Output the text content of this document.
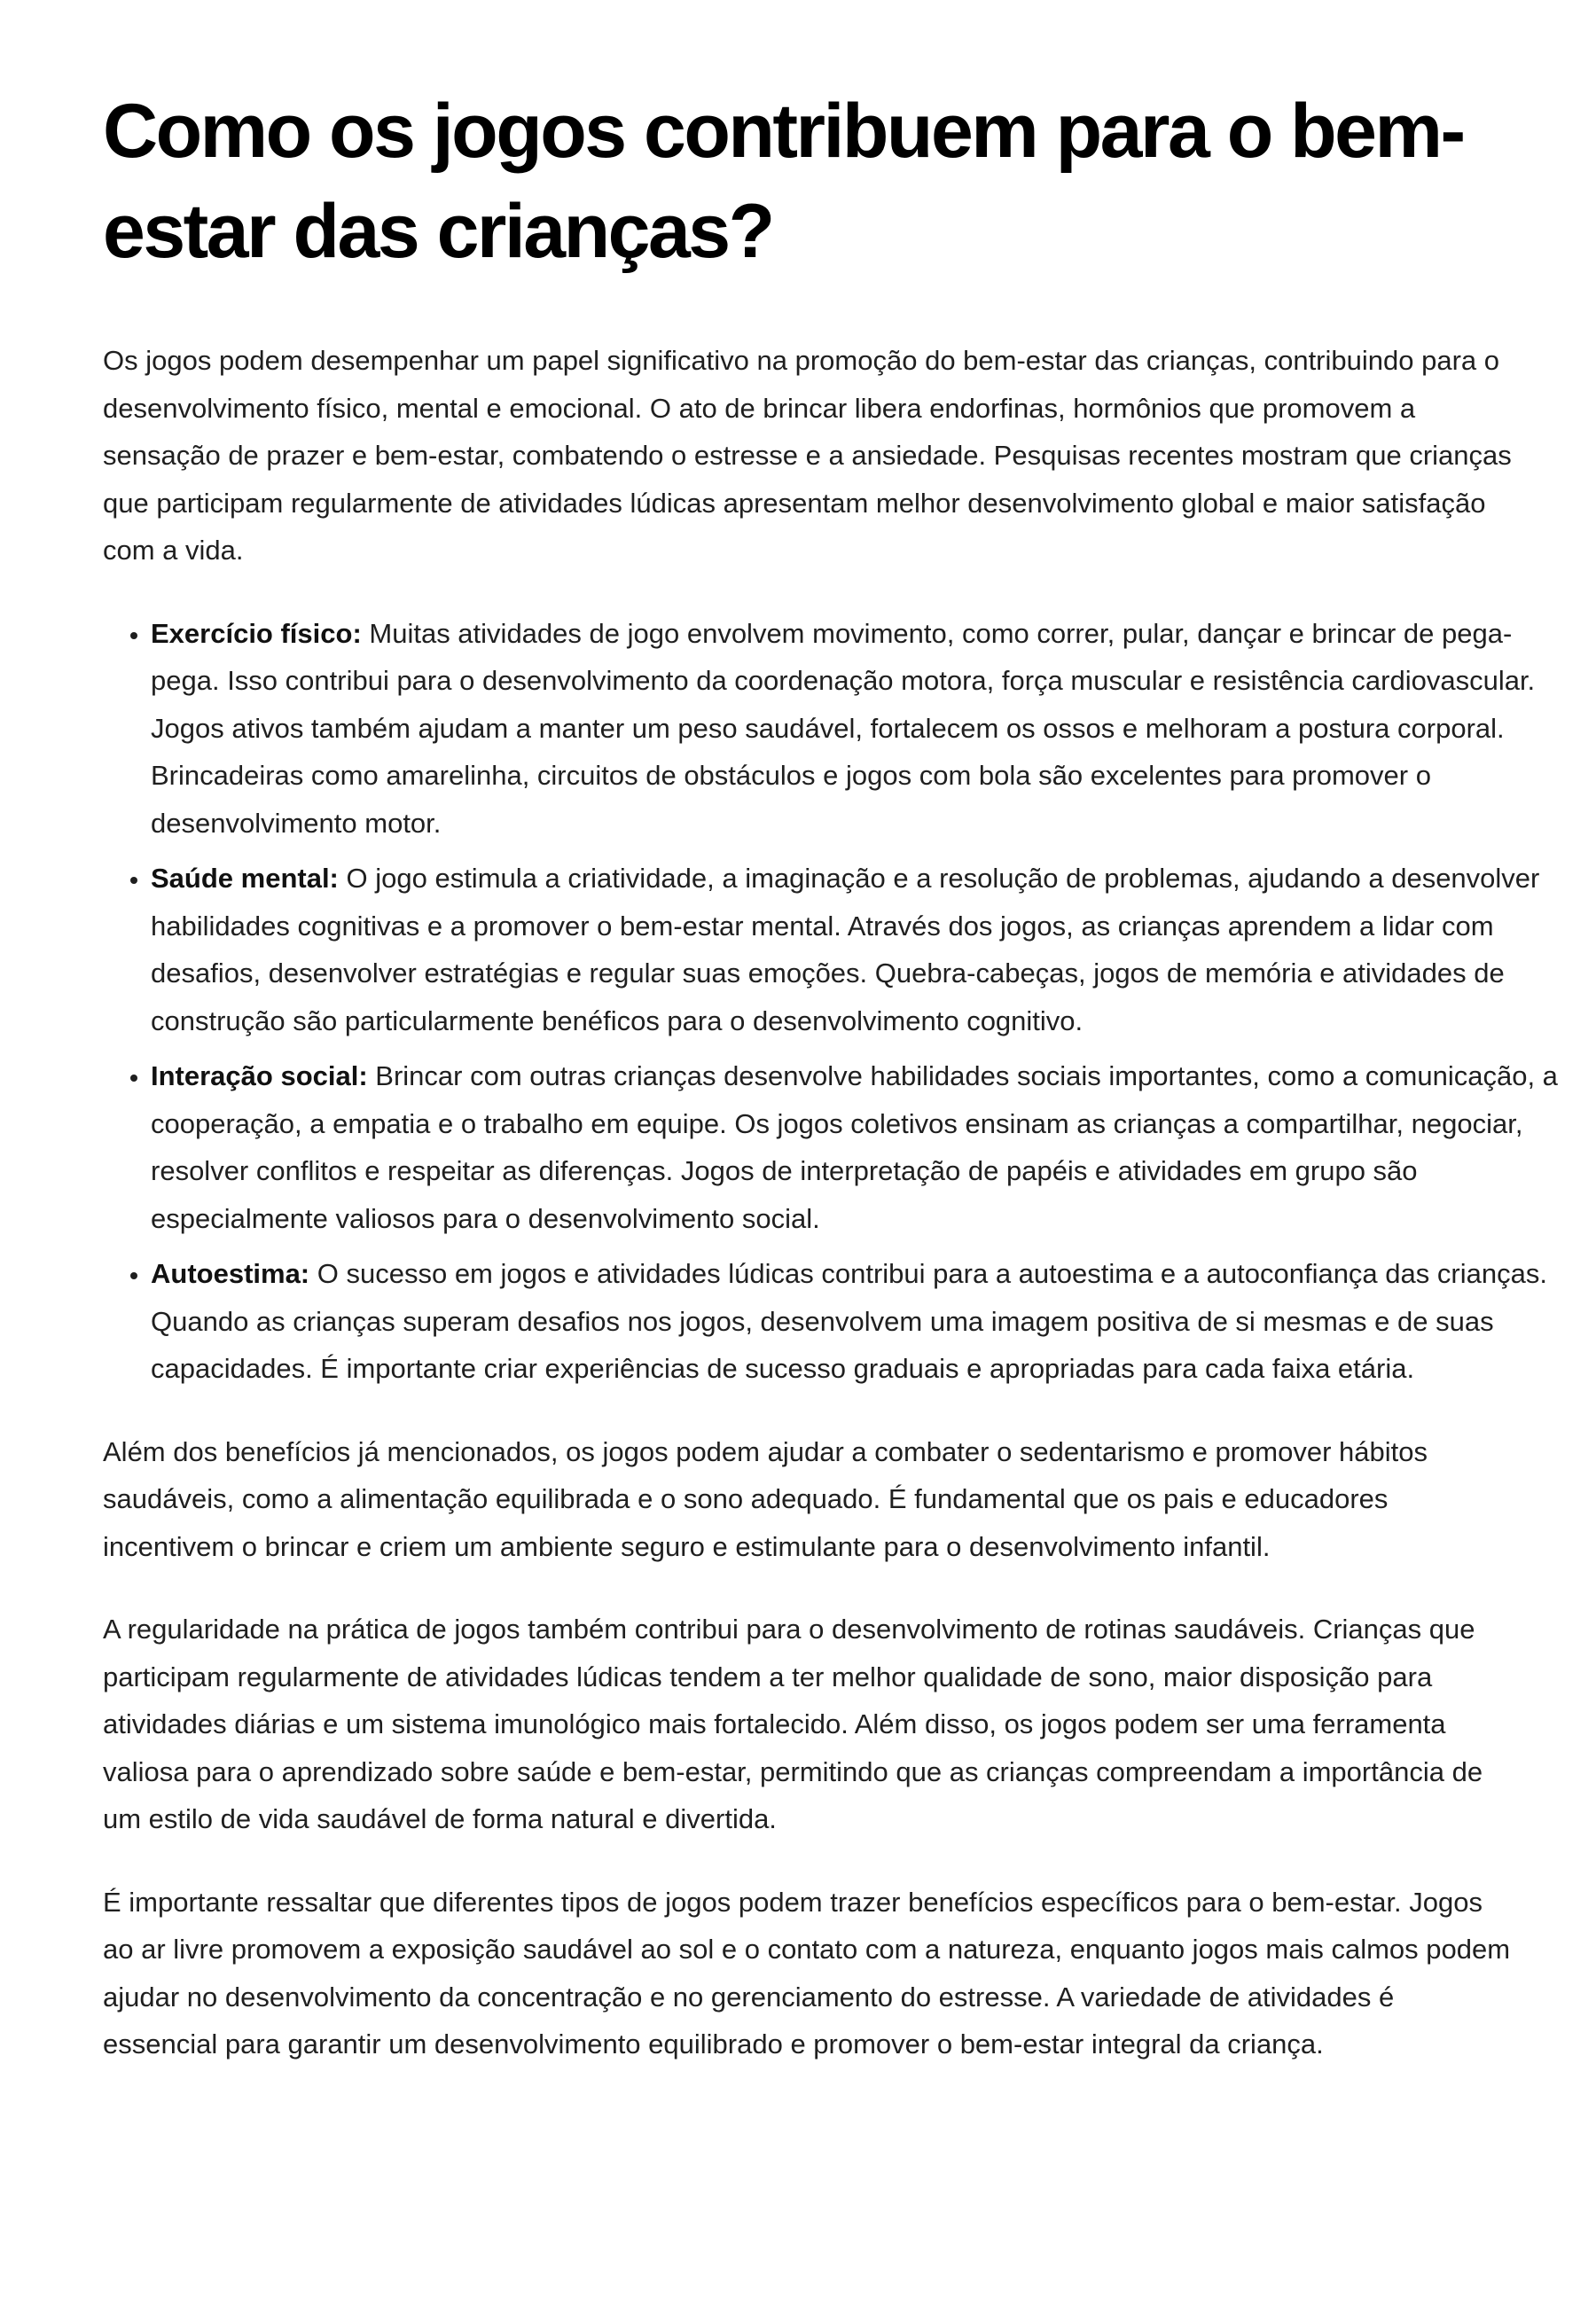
Como os jogos contribuem para o bem-estar das crianças?

Os jogos podem desempenhar um papel significativo na promoção do bem-estar das crianças, contribuindo para o desenvolvimento físico, mental e emocional. O ato de brincar libera endorfinas, hormônios que promovem a sensação de prazer e bem-estar, combatendo o estresse e a ansiedade. Pesquisas recentes mostram que crianças que participam regularmente de atividades lúdicas apresentam melhor desenvolvimento global e maior satisfação com a vida.

• Exercício físico: Muitas atividades de jogo envolvem movimento, como correr, pular, dançar e brincar de pega-pega. Isso contribui para o desenvolvimento da coordenação motora, força muscular e resistência cardiovascular. Jogos ativos também ajudam a manter um peso saudável, fortalecem os ossos e melhoram a postura corporal. Brincadeiras como amarelinha, circuitos de obstáculos e jogos com bola são excelentes para promover o desenvolvimento motor.
• Saúde mental: O jogo estimula a criatividade, a imaginação e a resolução de problemas, ajudando a desenvolver habilidades cognitivas e a promover o bem-estar mental. Através dos jogos, as crianças aprendem a lidar com desafios, desenvolver estratégias e regular suas emoções. Quebra-cabeças, jogos de memória e atividades de construção são particularmente benéficos para o desenvolvimento cognitivo.
• Interação social: Brincar com outras crianças desenvolve habilidades sociais importantes, como a comunicação, a cooperação, a empatia e o trabalho em equipe. Os jogos coletivos ensinam as crianças a compartilhar, negociar, resolver conflitos e respeitar as diferenças. Jogos de interpretação de papéis e atividades em grupo são especialmente valiosos para o desenvolvimento social.
• Autoestima: O sucesso em jogos e atividades lúdicas contribui para a autoestima e a autoconfiança das crianças. Quando as crianças superam desafios nos jogos, desenvolvem uma imagem positiva de si mesmas e de suas capacidades. É importante criar experiências de sucesso graduais e apropriadas para cada faixa etária.

Além dos benefícios já mencionados, os jogos podem ajudar a combater o sedentarismo e promover hábitos saudáveis, como a alimentação equilibrada e o sono adequado. É fundamental que os pais e educadores incentivem o brincar e criem um ambiente seguro e estimulante para o desenvolvimento infantil.

A regularidade na prática de jogos também contribui para o desenvolvimento de rotinas saudáveis. Crianças que participam regularmente de atividades lúdicas tendem a ter melhor qualidade de sono, maior disposição para atividades diárias e um sistema imunológico mais fortalecido. Além disso, os jogos podem ser uma ferramenta valiosa para o aprendizado sobre saúde e bem-estar, permitindo que as crianças compreendam a importância de um estilo de vida saudável de forma natural e divertida.

É importante ressaltar que diferentes tipos de jogos podem trazer benefícios específicos para o bem-estar. Jogos ao ar livre promovem a exposição saudável ao sol e o contato com a natureza, enquanto jogos mais calmos podem ajudar no desenvolvimento da concentração e no gerenciamento do estresse. A variedade de atividades é essencial para garantir um desenvolvimento equilibrado e promover o bem-estar integral da criança.
